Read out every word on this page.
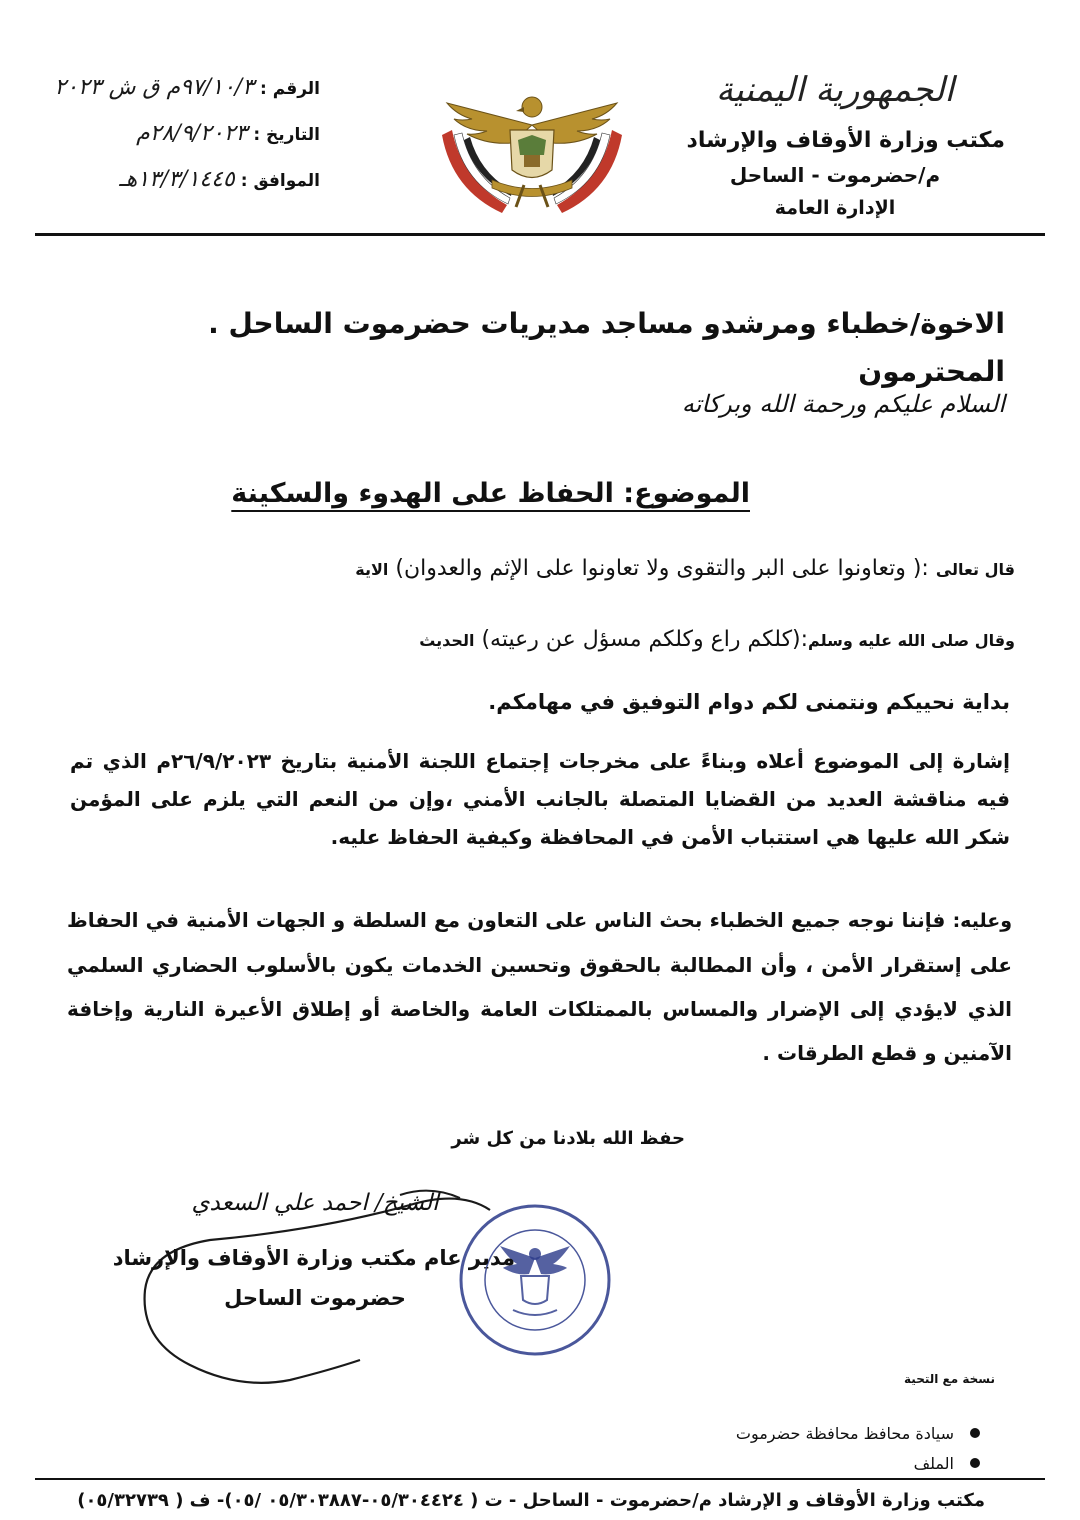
الجمهورية اليمنية
مكتب وزارة الأوقاف والإرشاد
م/حضرموت - الساحل
الإدارة العامة
الرقم :
٩٧/١٠/٣م ق ش ٢٠٢٣
التاريخ :
٢٨/٩/٢٠٢٣م
الموافق :
١٣/٣/١٤٤٥هـ
الاخوة/خطباء ومرشدو مساجد مديريات حضرموت الساحل . المحترمون
السلام عليكم ورحمة الله وبركاته
الموضوع: الحفاظ على الهدوء والسكينة
قال تعالى :( وتعاونوا على البر والتقوى ولا تعاونوا على الإثم والعدوان) الاية
وقال صلى الله عليه وسلم:(كلكم راع وكلكم مسؤل عن رعيته) الحديث
بداية نحييكم ونتمنى لكم دوام التوفيق في مهامكم.
إشارة إلى الموضوع أعلاه وبناءً على مخرجات إجتماع اللجنة الأمنية بتاريخ ٢٦/٩/٢٠٢٣م الذي تم فيه مناقشة العديد من القضايا المتصلة بالجانب الأمني ،وإن من النعم التي يلزم على المؤمن شكر الله عليها هي استتباب الأمن في المحافظة وكيفية الحفاظ عليه.
وعليه: فإننا نوجه جميع الخطباء بحث الناس على التعاون مع السلطة و الجهات الأمنية في الحفاظ على إستقرار الأمن ، وأن المطالبة بالحقوق وتحسين الخدمات يكون بالأسلوب الحضاري السلمي الذي لايؤدي إلى الإضرار والمساس بالممتلكات العامة والخاصة أو إطلاق الأعيرة النارية وإخافة الآمنين و قطع الطرقات .
حفظ الله بلادنا من كل شر
الشيخ/ احمد علي السعدي
مدير عام مكتب وزارة الأوقاف والإرشاد
حضرموت الساحل
نسخة مع التحية
سيادة محافظ محافظة حضرموت
الملف
مكتب وزارة الأوقاف و الإرشاد م/حضرموت - الساحل - ت ( ٠٥/٣٠٤٤٢٤-٠٥/٣٠٣٨٨٧ /٠٥)- ف ( ٠٥/٣٢٧٣٩)
